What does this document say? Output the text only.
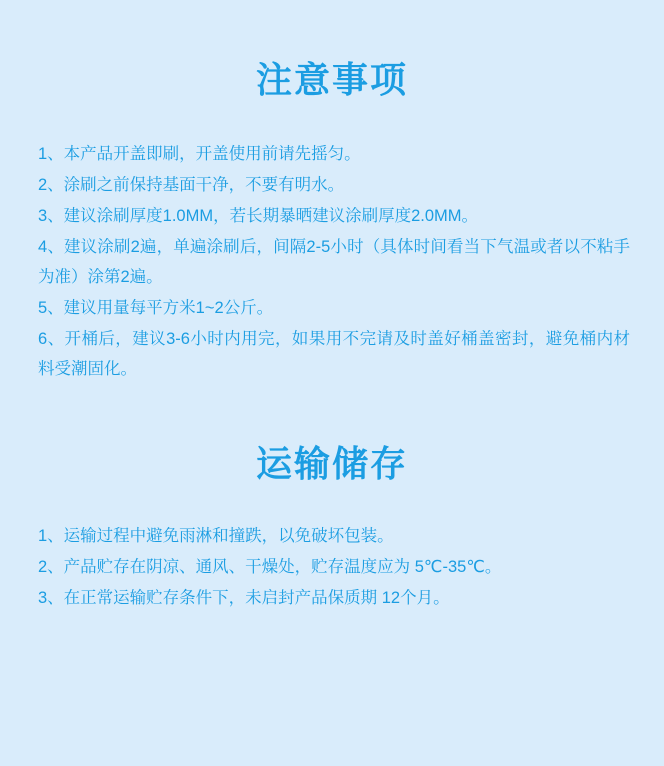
注意事项
1、本产品开盖即刷，开盖使用前请先摇匀。
2、涂刷之前保持基面干净，不要有明水。
3、建议涂刷厚度1.0MM，若长期暴晒建议涂刷厚度2.0MM。
4、建议涂刷2遍，单遍涂刷后，间隔2-5小时（具体时间看当下气温或者以不粘手为准）涂第2遍。
5、建议用量每平方米1~2公斤。
6、开桶后，建议3-6小时内用完，如果用不完请及时盖好桶盖密封，避免桶内材料受潮固化。
运输储存
1、运输过程中避免雨淋和撞跌，以免破坏包装。
2、产品贮存在阴凉、通风、干燥处，贮存温度应为 5℃-35℃。
3、在正常运输贮存条件下，未启封产品保质期 12个月。
